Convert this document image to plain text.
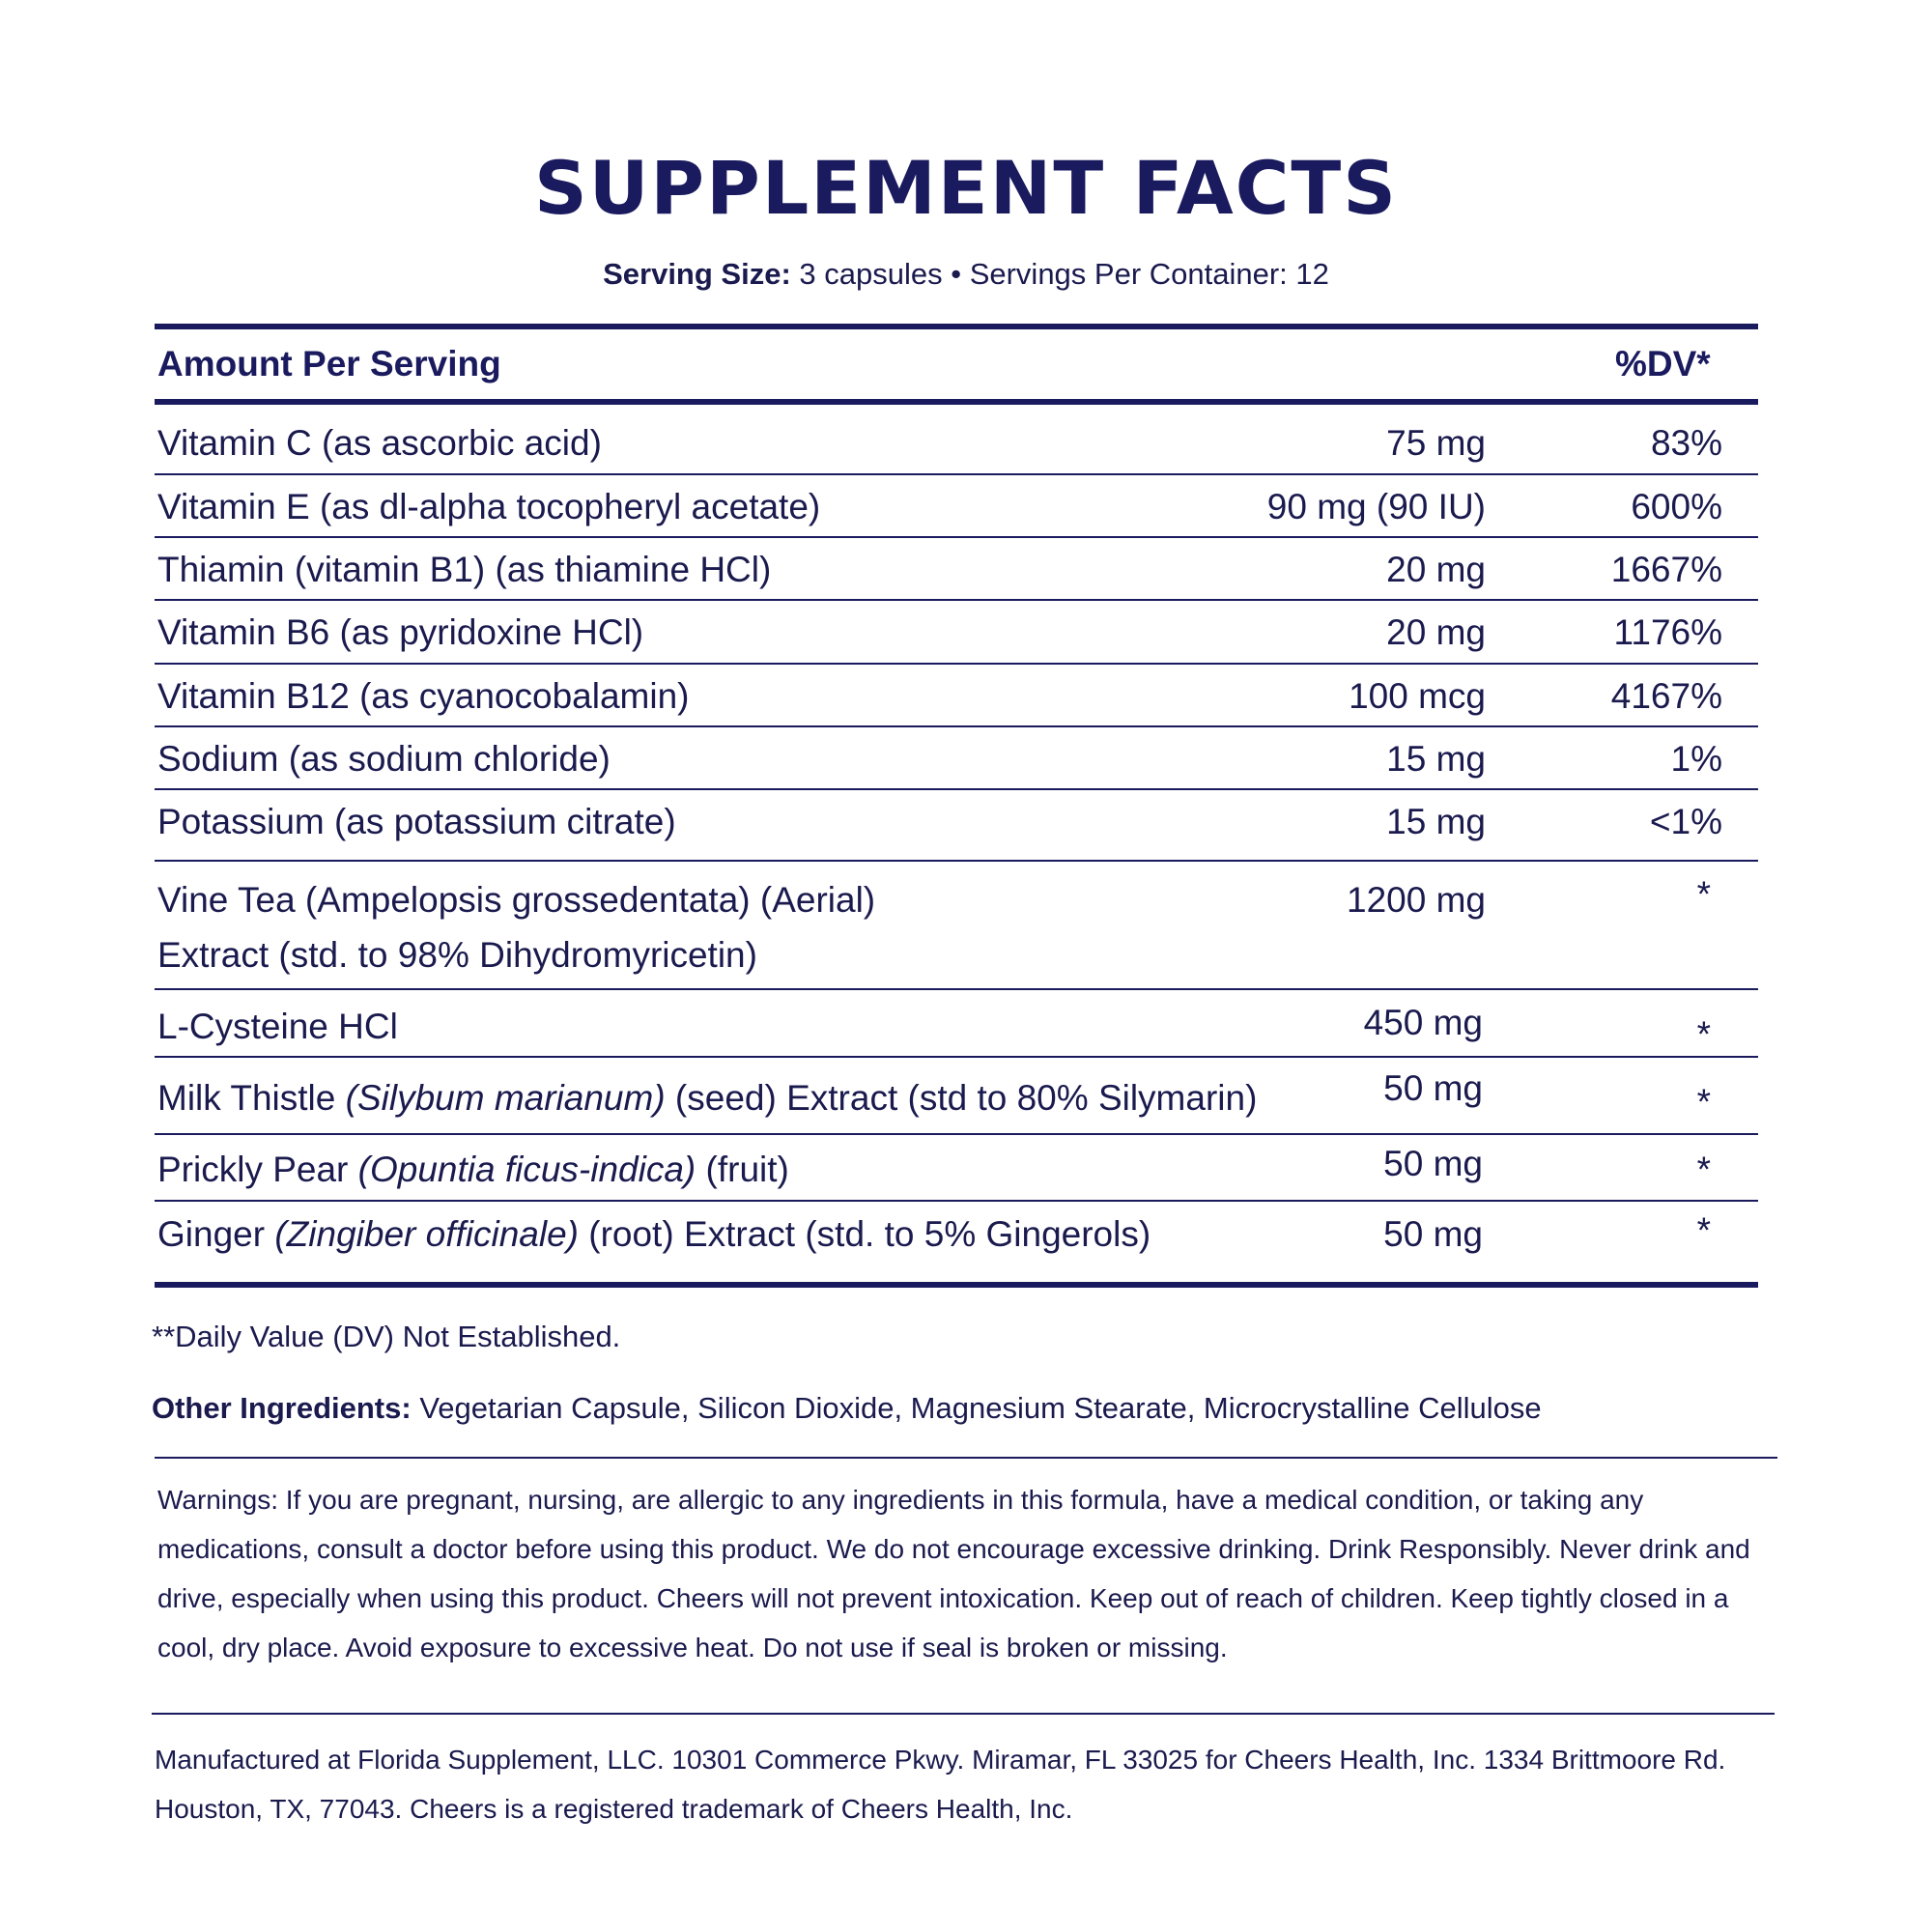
SUPPLEMENT FACTS
Serving Size: 3 capsules • Servings Per Container: 12
Amount Per Serving	%DV*
Vitamin C (as ascorbic acid)	75 mg	83%
Vitamin E (as dl-alpha tocopheryl acetate)	90 mg (90 IU)	600%
Thiamin (vitamin B1) (as thiamine HCl)	20 mg	1667%
Vitamin B6 (as pyridoxine HCl)	20 mg	1176%
Vitamin B12 (as cyanocobalamin)	100 mcg	4167%
Sodium (as sodium chloride)	15 mg	1%
Potassium (as potassium citrate)	15 mg	<1%
Vine Tea (Ampelopsis grossedentata) (Aerial)
Extract (std. to 98% Dihydromyricetin)
1200 mg	*
L-Cysteine HCl	450 mg	*
Milk Thistle (Silybum marianum) (seed) Extract (std to 80% Silymarin)	50 mg	*
Prickly Pear (Opuntia ficus-indica) (fruit)	50 mg	*
Ginger (Zingiber officinale) (root) Extract (std. to 5% Gingerols)	50 mg	*
**Daily Value (DV) Not Established.
Other Ingredients: Vegetarian Capsule, Silicon Dioxide, Magnesium Stearate, Microcrystalline Cellulose
Warnings: If you are pregnant, nursing, are allergic to any ingredients in this formula, have a medical condition, or taking any medications, consult a doctor before using this product. We do not encourage excessive drinking. Drink Responsibly. Never drink and drive, especially when using this product. Cheers will not prevent intoxication. Keep out of reach of children. Keep tightly closed in a cool, dry place. Avoid exposure to excessive heat. Do not use if seal is broken or missing.
Manufactured at Florida Supplement, LLC. 10301 Commerce Pkwy. Miramar, FL 33025 for Cheers Health, Inc. 1334 Brittmoore Rd. Houston, TX, 77043. Cheers is a registered trademark of Cheers Health, Inc.
